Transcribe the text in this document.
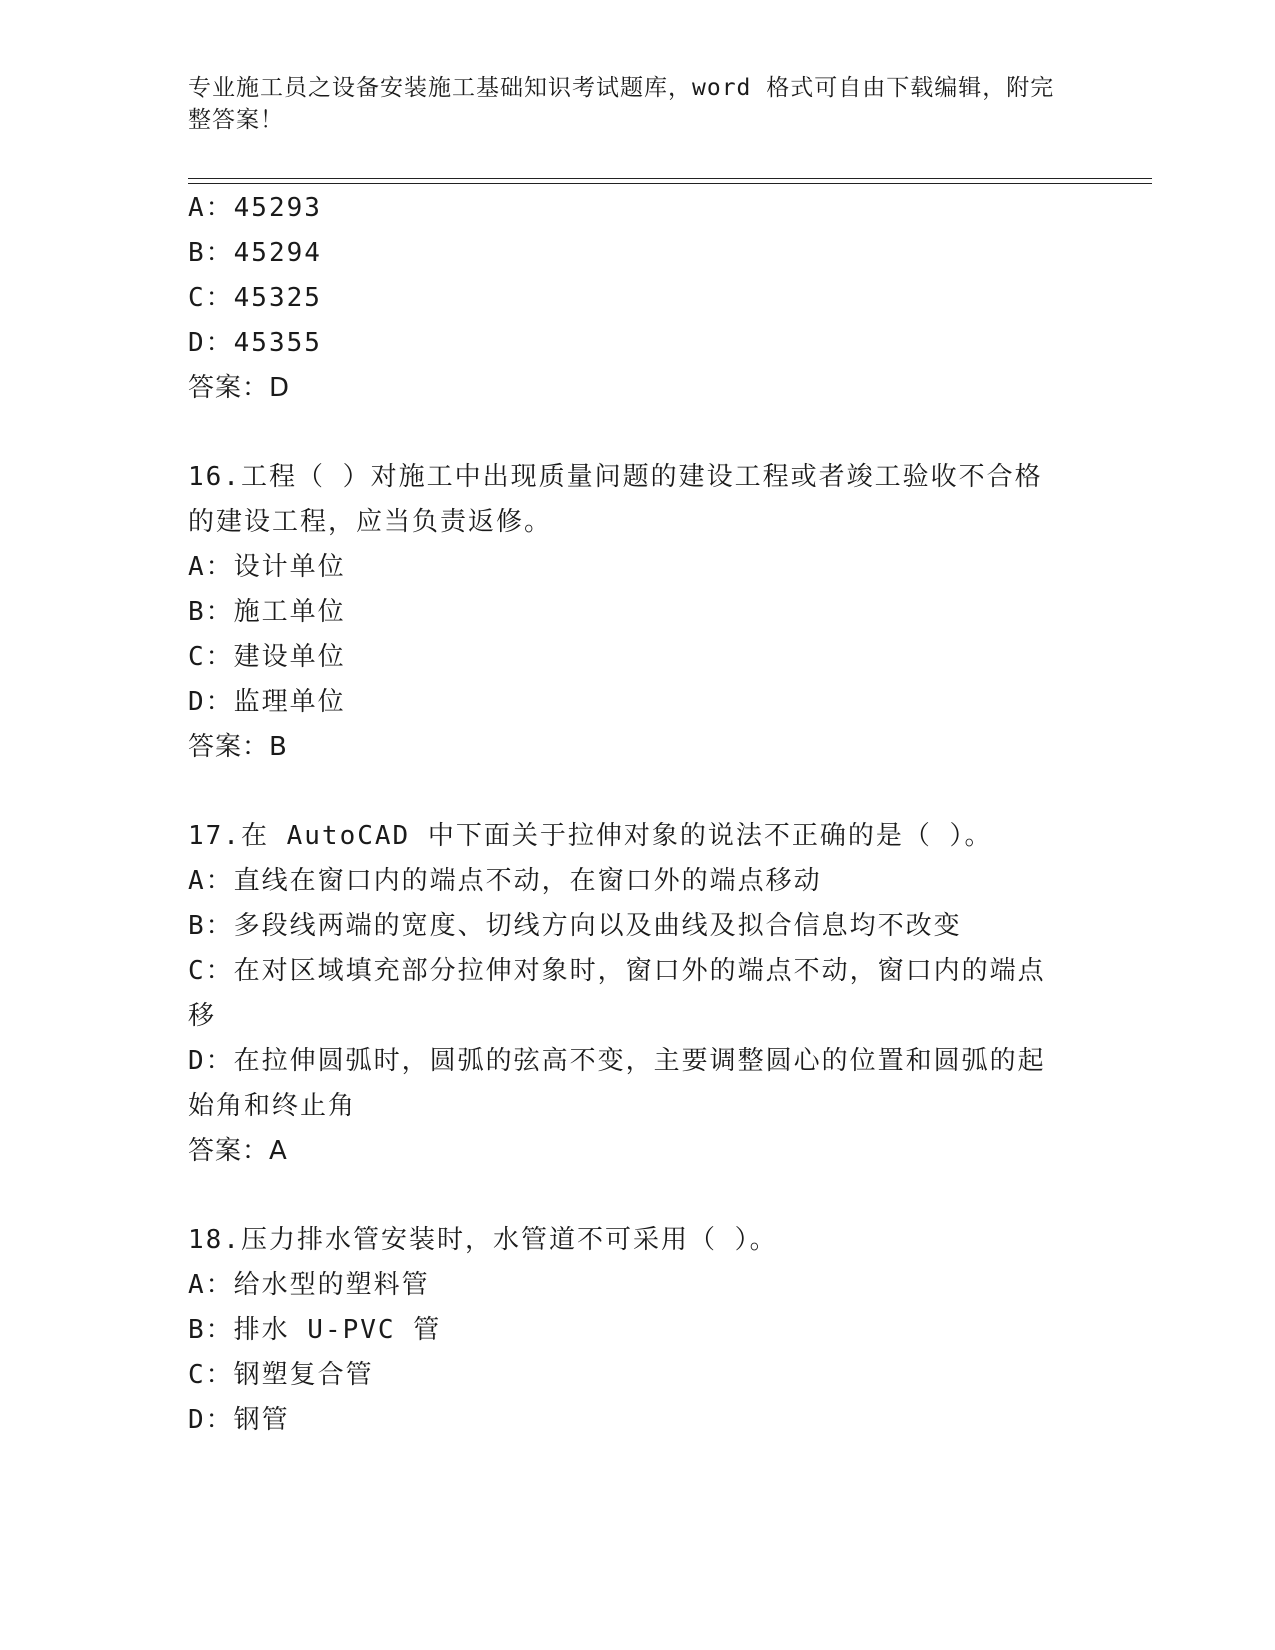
专业施工员之设备安装施工基础知识考试题库，word 格式可自由下载编辑，附完整答案！
A：45293
B：45294
C：45325
D：45355
答案：D
16.工程（ ）对施工中出现质量问题的建设工程或者竣工验收不合格
的建设工程，应当负责返修。
A：设计单位
B：施工单位
C：建设单位
D：监理单位
答案：B
17.在 AutoCAD 中下面关于拉伸对象的说法不正确的是（ ）。
A：直线在窗口内的端点不动，在窗口外的端点移动
B：多段线两端的宽度、切线方向以及曲线及拟合信息均不改变
C：在对区域填充部分拉伸对象时，窗口外的端点不动，窗口内的端点
移
D：在拉伸圆弧时，圆弧的弦高不变，主要调整圆心的位置和圆弧的起
始角和终止角
答案：A
18.压力排水管安装时，水管道不可采用（ ）。
A：给水型的塑料管
B：排水 U-PVC 管
C：钢塑复合管
D：钢管
